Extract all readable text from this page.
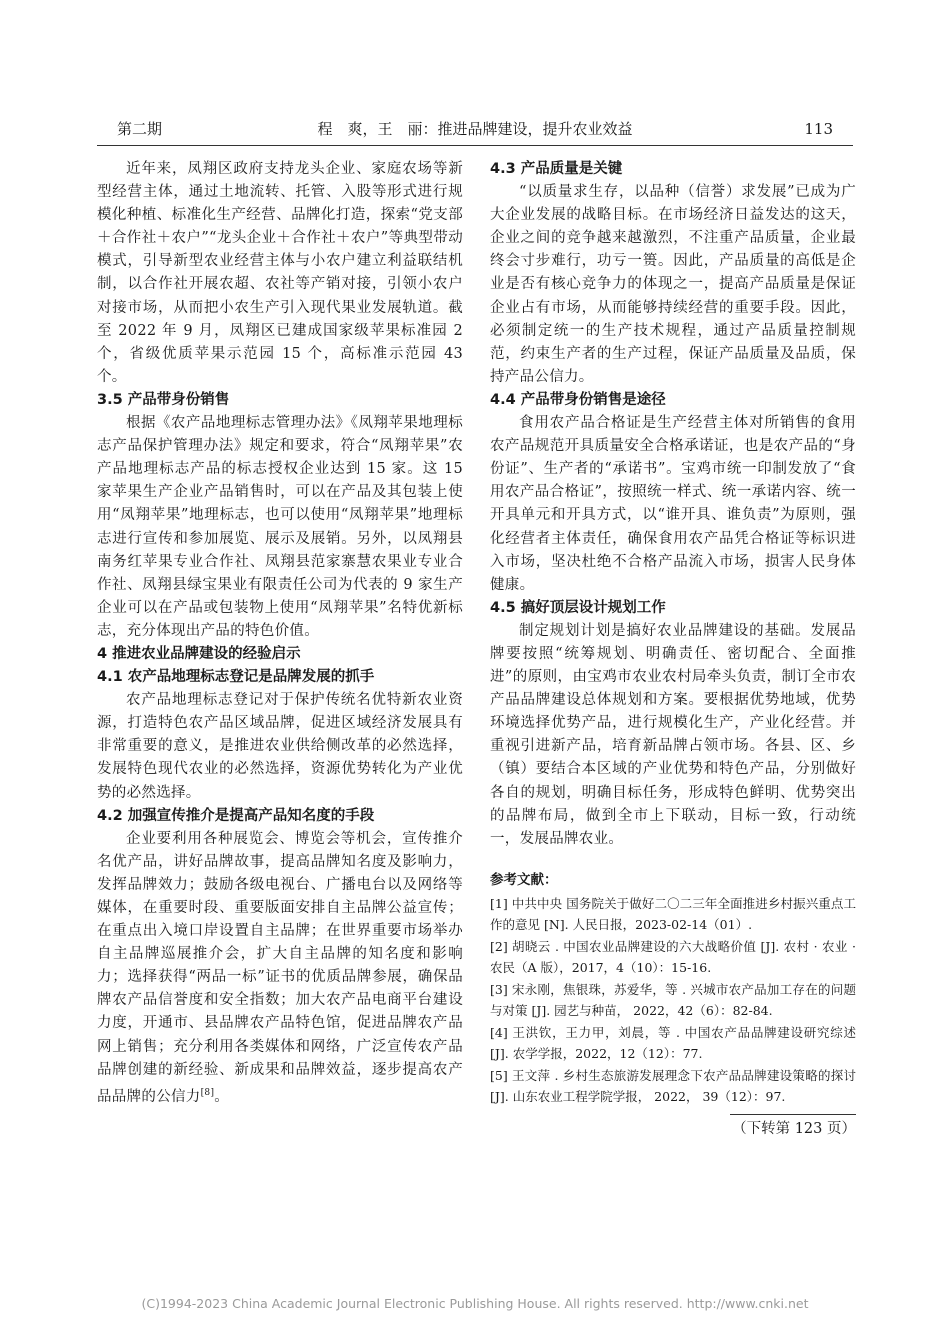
第二期	程　爽，王　丽：推进品牌建设，提升农业效益	113

近年来，凤翔区政府支持龙头企业、家庭农场等新型经营主体，通过土地流转、托管、入股等形式进行规模化种植、标准化生产经营、品牌化打造，探索“党支部＋合作社＋农户”“龙头企业＋合作社＋农户”等典型带动模式，引导新型农业经营主体与小农户建立利益联结机制，以合作社开展农超、农社等产销对接，引领小农户对接市场，从而把小农生产引入现代果业发展轨道。截至 2022 年 9 月，凤翔区已建成国家级苹果标准园 2 个，省级优质苹果示范园 15 个，高标准示范园 43 个。

3.5 产品带身份销售

根据《农产品地理标志管理办法》《凤翔苹果地理标志产品保护管理办法》规定和要求，符合“凤翔苹果”农产品地理标志产品的标志授权企业达到 15 家。这 15 家苹果生产企业产品销售时，可以在产品及其包装上使用“凤翔苹果”地理标志，也可以使用“凤翔苹果”地理标志进行宣传和参加展览、展示及展销。另外，以凤翔县南务红苹果专业合作社、凤翔县范家寨慧农果业专业合作社、凤翔县绿宝果业有限责任公司为代表的 9 家生产企业可以在产品或包装物上使用“凤翔苹果”名特优新标志，充分体现出产品的特色价值。

4 推进农业品牌建设的经验启示

4.1 农产品地理标志登记是品牌发展的抓手

农产品地理标志登记对于保护传统名优特新农业资源，打造特色农产品区域品牌，促进区域经济发展具有非常重要的意义，是推进农业供给侧改革的必然选择，发展特色现代农业的必然选择，资源优势转化为产业优势的必然选择。

4.2 加强宣传推介是提高产品知名度的手段

企业要利用各种展览会、博览会等机会，宣传推介名优产品，讲好品牌故事，提高品牌知名度及影响力，发挥品牌效力；鼓励各级电视台、广播电台以及网络等媒体，在重要时段、重要版面安排自主品牌公益宣传；在重点出入境口岸设置自主品牌；在世界重要市场举办自主品牌巡展推介会，扩大自主品牌的知名度和影响力；选择获得“两品一标”证书的优质品牌参展，确保品牌农产品信誉度和安全指数；加大农产品电商平台建设力度，开通市、县品牌农产品特色馆，促进品牌农产品网上销售；充分利用各类媒体和网络，广泛宣传农产品品牌创建的新经验、新成果和品牌效益，逐步提高农产品品牌的公信力[8]。

4.3 产品质量是关键

“以质量求生存，以品种（信誉）求发展”已成为广大企业发展的战略目标。在市场经济日益发达的这天，企业之间的竞争越来越激烈，不注重产品质量，企业最终会寸步难行，功亏一篑。因此，产品质量的高低是企业是否有核心竞争力的体现之一，提高产品质量是保证企业占有市场，从而能够持续经营的重要手段。因此，必须制定统一的生产技术规程，通过产品质量控制规范，约束生产者的生产过程，保证产品质量及品质，保持产品公信力。

4.4 产品带身份销售是途径

食用农产品合格证是生产经营主体对所销售的食用农产品规范开具质量安全合格承诺证，也是农产品的“身份证”、生产者的“承诺书”。宝鸡市统一印制发放了“食用农产品合格证”，按照统一样式、统一承诺内容、统一开具单元和开具方式，以“谁开具、谁负责”为原则，强化经营者主体责任，确保食用农产品凭合格证等标识进入市场，坚决杜绝不合格产品流入市场，损害人民身体健康。

4.5 搞好顶层设计规划工作

制定规划计划是搞好农业品牌建设的基础。发展品牌要按照“统筹规划、明确责任、密切配合、全面推进”的原则，由宝鸡市农业农村局牵头负责，制订全市农产品品牌建设总体规划和方案。要根据优势地域，优势环境选择优势产品，进行规模化生产，产业化经营。并重视引进新产品，培育新品牌占领市场。各县、区、乡（镇）要结合本区域的产业优势和特色产品，分别做好各自的规划，明确目标任务，形成特色鲜明、优势突出的品牌布局，做到全市上下联动，目标一致，行动统一，发展品牌农业。

参考文献：

[1] 中共中央 国务院关于做好二〇二三年全面推进乡村振兴重点工作的意见 [N]. 人民日报，2023-02-14（01）.

[2] 胡晓云 . 中国农业品牌建设的六大战略价值 [J]. 农村 · 农业 · 农民（A 版），2017，4（10）：15-16.

[3] 宋永刚，焦银珠，苏爱华，等 . 兴城市农产品加工存在的问题与对策 [J]. 园艺与种苗， 2022，42（6）：82-84.

[4] 王洪钦，王力甲，刘晨，等 . 中国农产品品牌建设研究综述 [J]. 农学学报，2022，12（12）：77.

[5] 王文萍 . 乡村生态旅游发展理念下农产品品牌建设策略的探讨 [J]. 山东农业工程学院学报， 2022， 39（12）：97.

（下转第 123 页）
(C)1994-2023 China Academic Journal Electronic Publishing House. All rights reserved. http://www.cnki.net
